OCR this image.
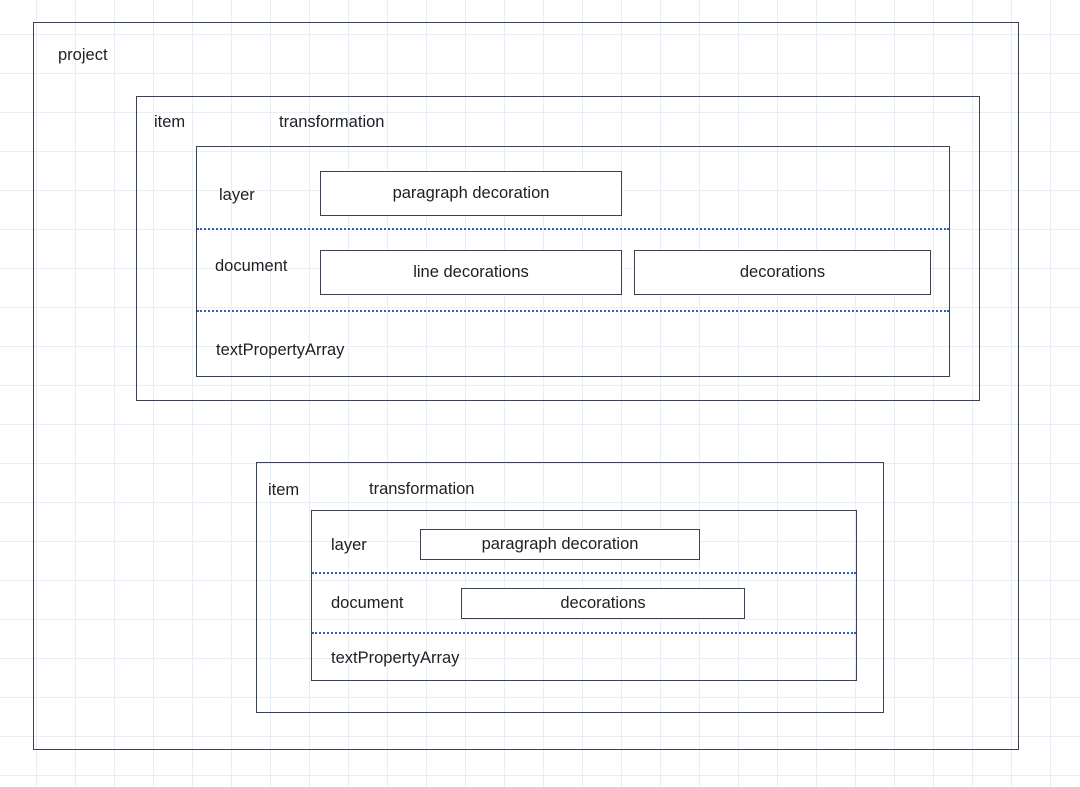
project
item	transformation
layer	paragraph decoration
document	line decorations	decorations
textPropertyArray
item	transformation
layer	paragraph decoration
document	decorations
textPropertyArray
